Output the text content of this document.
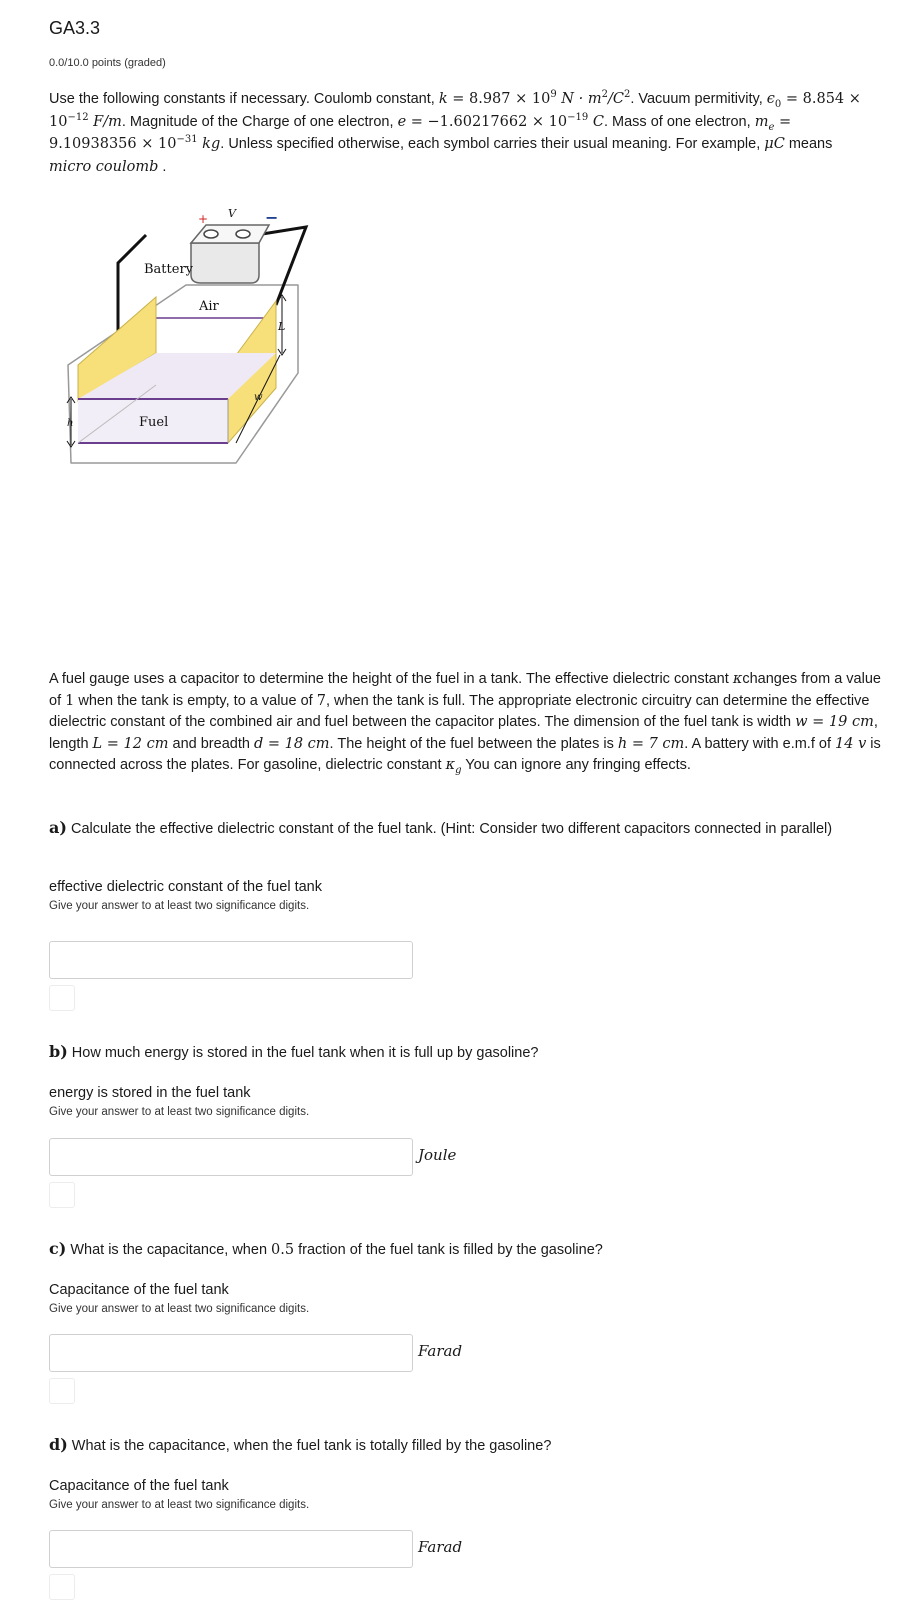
GA3.3
0.0/10.0 points (graded)
Use the following constants if necessary. Coulomb constant, $k = 8.987 \times 10^9$ $N \cdot m^2/C^2$. Vacuum permitivity, $\epsilon_0 = 8.854 \times 10^{-12}$ F/m. Magnitude of the Charge of one electron, $e = -1.60217662 \times 10^{-19}$ C. Mass of one electron, $m_e = 9.10938356 \times 10^{-31}$ kg. Unless specified otherwise, each symbol carries their usual meaning. For example, μC means micro coulomb .
+	−
V
Battery
Air
Fuel
L
w
h
A fuel gauge uses a capacitor to determine the height of the fuel in a tank. The effective dielectric constant κchanges from a value of 1 when the tank is empty, to a value of 7, when the tank is full. The appropriate electronic circuitry can determine the effective dielectric constant of the combined air and fuel between the capacitor plates. The dimension of the fuel tank is width w = 19 cm, length L = 12 cm and breadth d = 18 cm. The height of the fuel between the plates is h = 7 cm. A battery with e.m.f of 14 v is connected across the plates. For gasoline, dielectric constant $\kappa_g$ You can ignore any fringing effects.
a) Calculate the effective dielectric constant of the fuel tank. (Hint: Consider two different capacitors connected in parallel)
effective dielectric constant of the fuel tank
Give your answer to at least two significance digits.
b) How much energy is stored in the fuel tank when it is full up by gasoline?
energy is stored in the fuel tank
Give your answer to at least two significance digits.
Joule
c) What is the capacitance, when 0.5 fraction of the fuel tank is filled by the gasoline?
Capacitance of the fuel tank
Give your answer to at least two significance digits.
Farad
d) What is the capacitance, when the fuel tank is totally filled by the gasoline?
Capacitance of the fuel tank
Give your answer to at least two significance digits.
Farad
